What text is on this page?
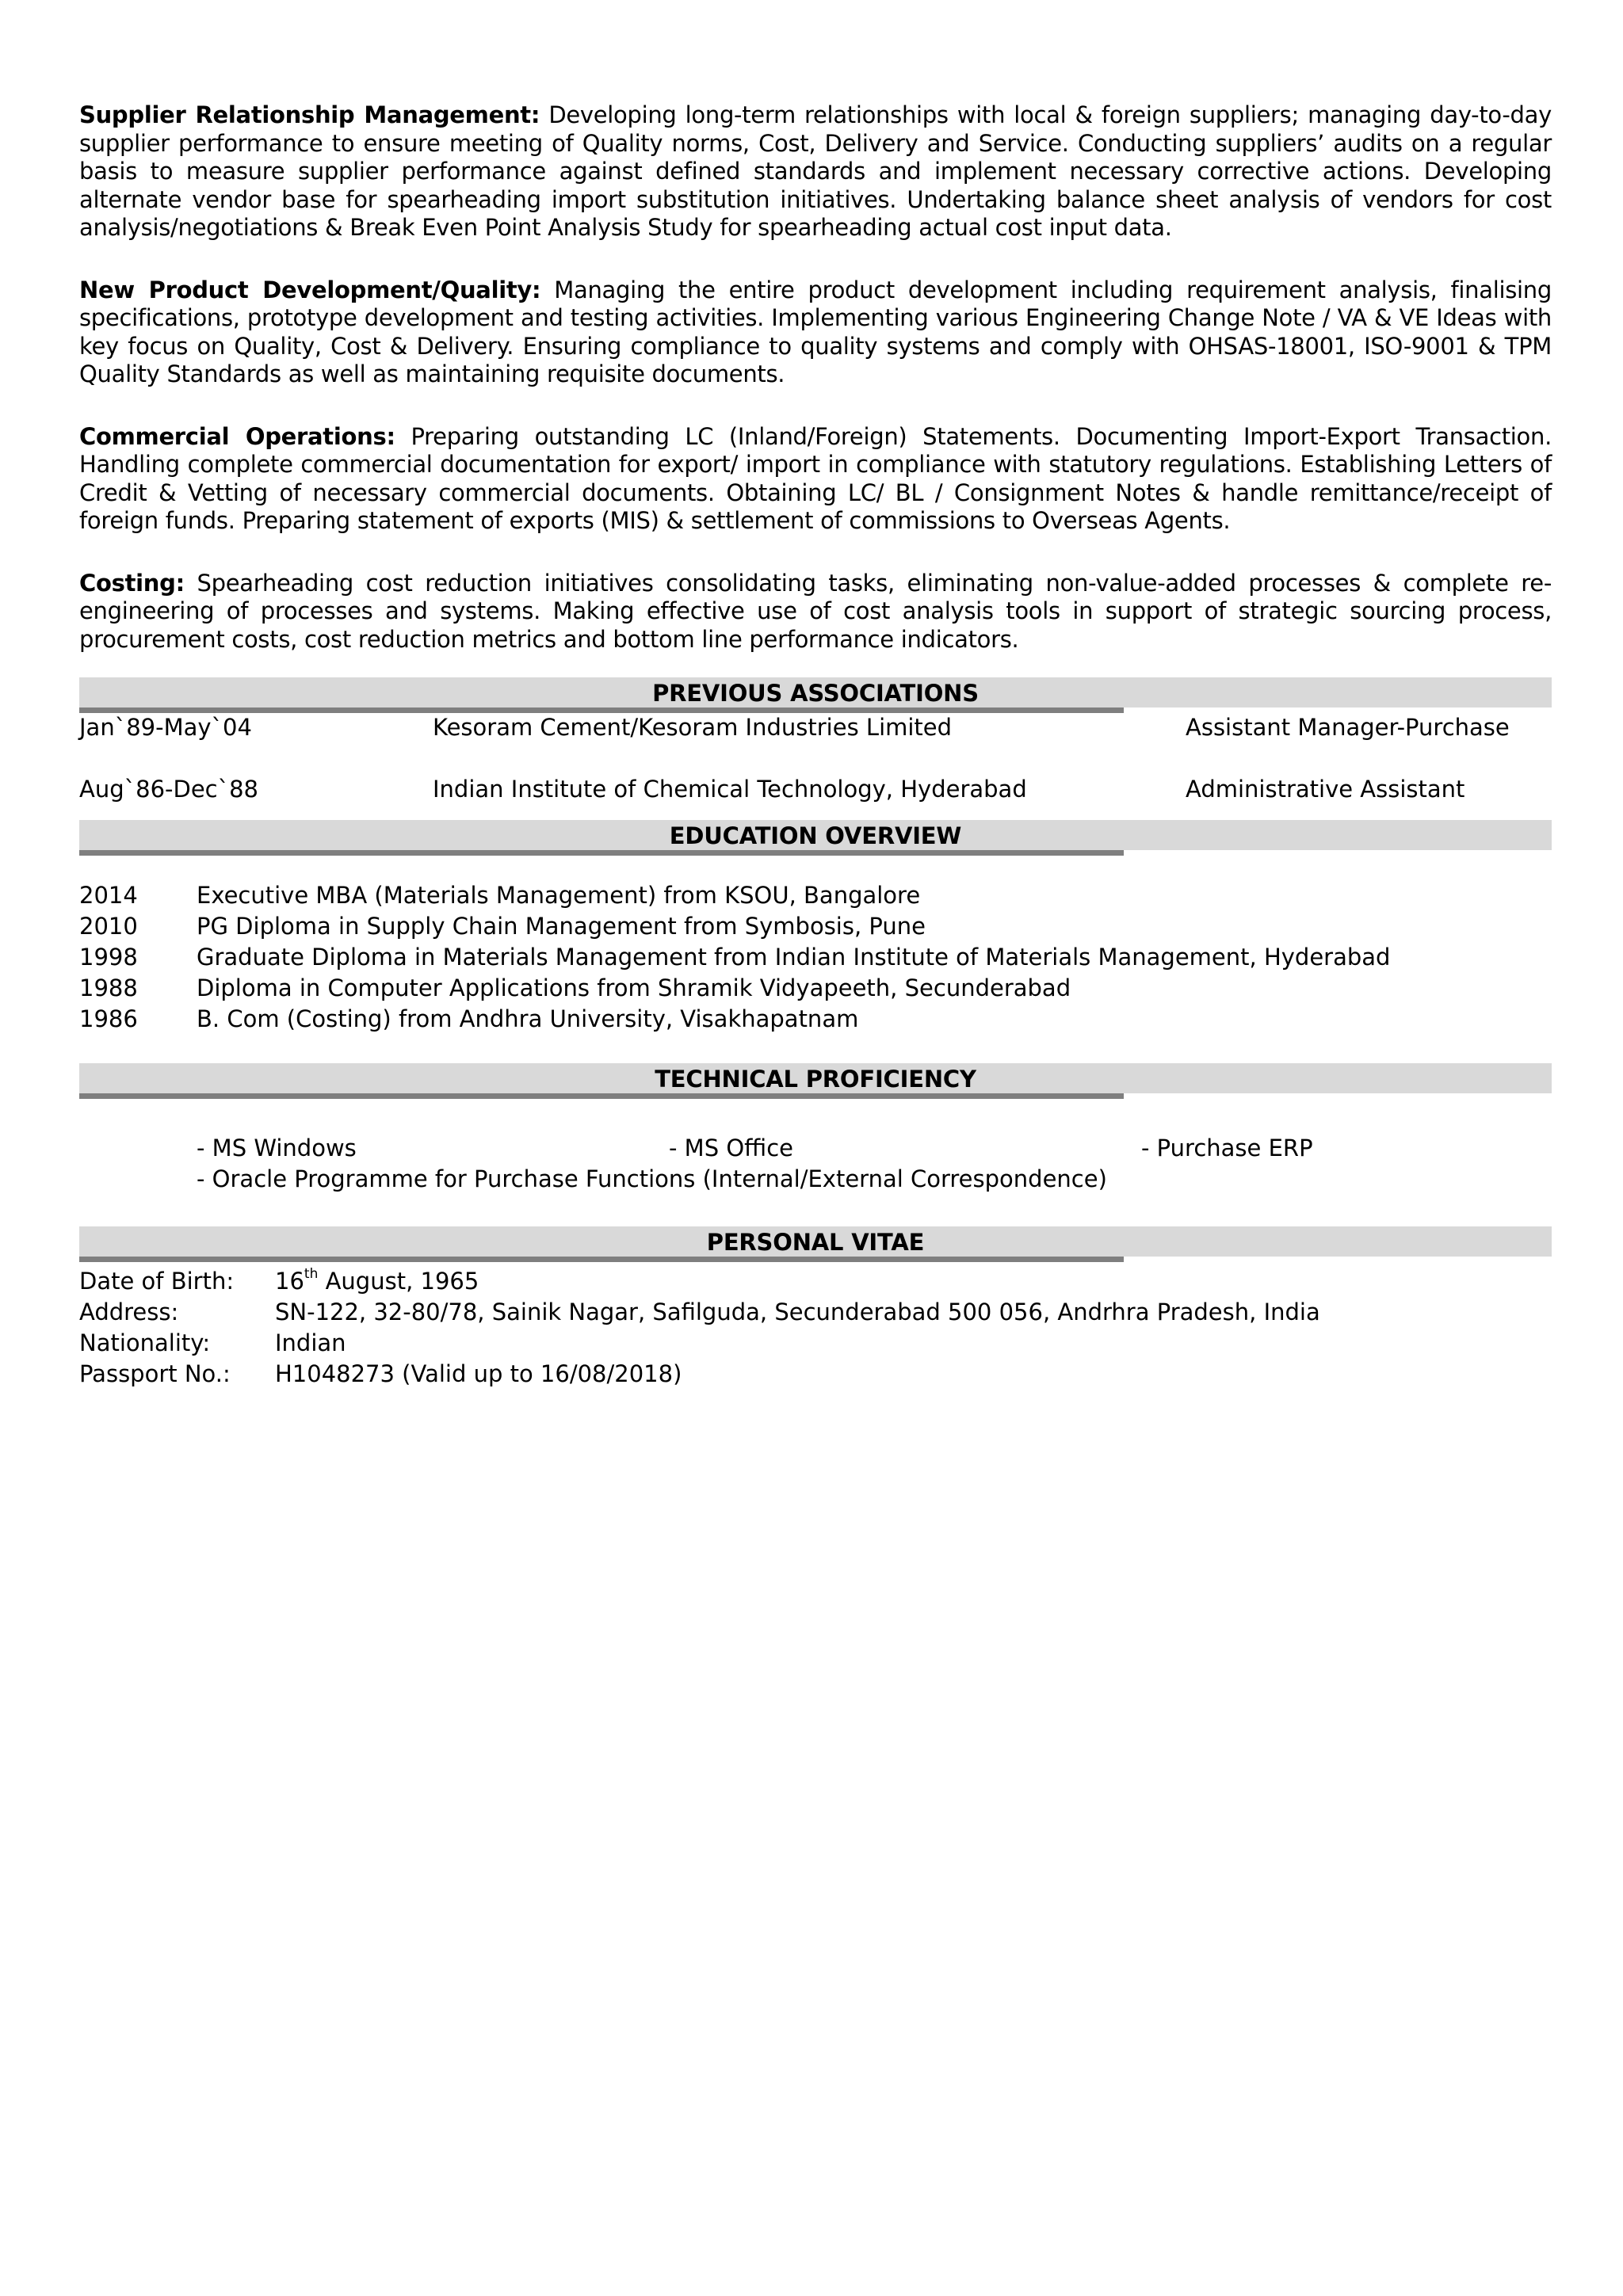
Supplier Relationship Management: Developing long-term relationships with local & foreign suppliers; managing day-to-day supplier performance to ensure meeting of Quality norms, Cost, Delivery and Service. Conducting suppliers’ audits on a regular basis to measure supplier performance against defined standards and implement necessary corrective actions. Developing alternate vendor base for spearheading import substitution initiatives. Undertaking balance sheet analysis of vendors for cost analysis/negotiations & Break Even Point Analysis Study for spearheading actual cost input data.

New Product Development/Quality: Managing the entire product development including requirement analysis, finalising specifications, prototype development and testing activities. Implementing various Engineering Change Note / VA & VE Ideas with key focus on Quality, Cost & Delivery. Ensuring compliance to quality systems and comply with OHSAS-18001, ISO-9001 & TPM Quality Standards as well as maintaining requisite documents.

Commercial Operations: Preparing outstanding LC (Inland/Foreign) Statements. Documenting Import-Export Transaction. Handling complete commercial documentation for export/ import in compliance with statutory regulations. Establishing Letters of Credit & Vetting of necessary commercial documents. Obtaining LC/ BL / Consignment Notes & handle remittance/receipt of foreign funds. Preparing statement of exports (MIS) & settlement of commissions to Overseas Agents.

Costing: Spearheading cost reduction initiatives consolidating tasks, eliminating non-value-added processes & complete re-engineering of processes and systems. Making effective use of cost analysis tools in support of strategic sourcing process, procurement costs, cost reduction metrics and bottom line performance indicators.

PREVIOUS ASSOCIATIONS
Jan`89-May`04	Kesoram Cement/Kesoram Industries Limited	Assistant Manager-Purchase
Aug`86-Dec`88	Indian Institute of Chemical Technology, Hyderabad	Administrative Assistant
EDUCATION OVERVIEW
2014	Executive MBA (Materials Management) from KSOU, Bangalore
2010	PG Diploma in Supply Chain Management from Symbosis, Pune
1998	Graduate Diploma in Materials Management from Indian Institute of Materials Management, Hyderabad
1988	Diploma in Computer Applications from Shramik Vidyapeeth, Secunderabad
1986	B. Com (Costing) from Andhra University, Visakhapatnam
TECHNICAL PROFICIENCY
- MS Windows	- MS Office	- Purchase ERP
- Oracle Programme for Purchase Functions (Internal/External Correspondence)
PERSONAL VITAE
Date of Birth: 16th August, 1965
Address:	SN-122, 32-80/78, Sainik Nagar, Safilguda, Secunderabad 500 056, Andrhra Pradesh, India
Nationality:	Indian
Passport No.: H1048273 (Valid up to 16/08/2018)
